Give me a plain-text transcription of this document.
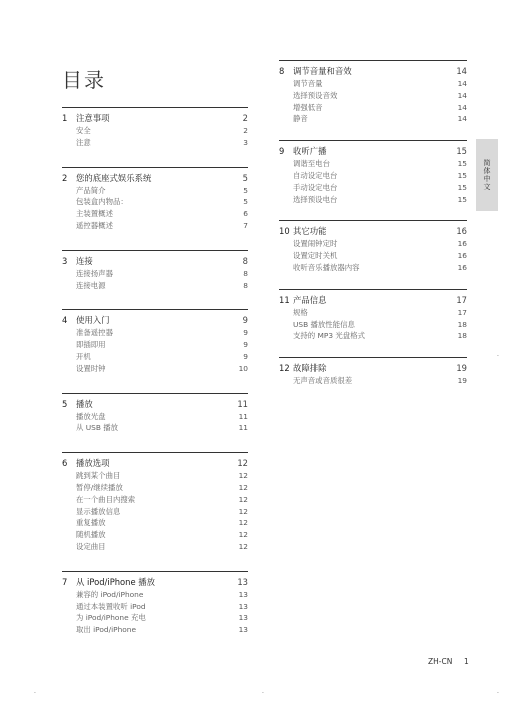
目录
1	注意事项	2
安全	2
注意	3
2	您的底座式娱乐系统	5
产品简介	5
包装盒内物品：	5
主装置概述	6
遥控器概述	7
3	连接	8
连接扬声器	8
连接电源	8
4	使用入门	9
准备遥控器	9
即插即用	9
开机	9
设置时钟	10
5	播放	11
播放光盘	11
从 USB 播放	11
6	播放选项	12
跳到某个曲目	12
暂停/继续播放	12
在一个曲目内搜索	12
显示播放信息	12
重复播放	12
随机播放	12
设定曲目	12
7	从 iPod/iPhone 播放	13
兼容的 iPod/iPhone	13
通过本装置收听 iPod	13
为 iPod/iPhone 充电	13
取出 iPod/iPhone	13
8	调节音量和音效	14
调节音量	14
选择预设音效	14
增强低音	14
静音	14
9	收听广播	15
调谐至电台	15
自动设定电台	15
手动设定电台	15
选择预设电台	15
10 其它功能	16
设置闹钟定时	16
设置定时关机	16
收听音乐播放器内容	16
11 产品信息	17
规格	17
USB 播放性能信息	18
支持的 MP3 光盘格式	18
12 故障排除	19
无声音或音质很差	19
简体中文
ZH-CN 1
·	·	·
·
